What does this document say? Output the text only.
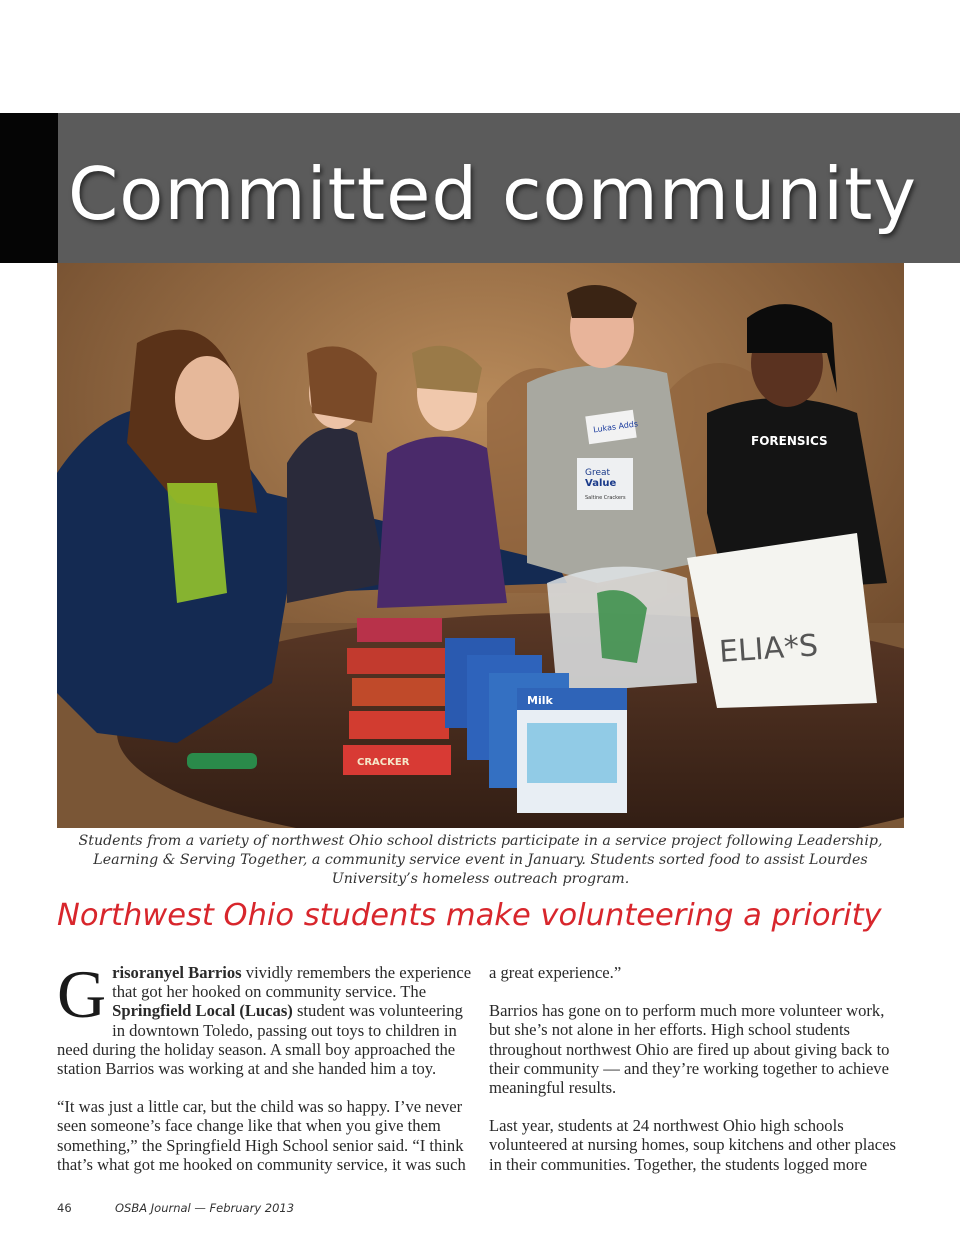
Committed community
Lukas Adds
Great
Value
Saltine Crackers
FORENSICS
ELIA*S
CRACKER
Milk

Students from a variety of northwest Ohio school districts participate in a service project following Leadership, Learning & Serving Together, a community service event in January. Students sorted food to assist Lourdes University’s homeless outreach program.

Northwest Ohio students make volunteering a priority

Grisoranyel Barrios vividly remembers the experience that got her hooked on community service. The Springfield Local (Lucas) student was volunteering in downtown Toledo, passing out toys to children in need during the holiday season. A small boy approached the station Barrios was working at and she handed him a toy.

“It was just a little car, but the child was so happy. I’ve never seen someone’s face change like that when you give them something,” the Springfield High School senior said. “I think that’s what got me hooked on community service, it was such

a great experience.”

Barrios has gone on to perform much more volunteer work, but she’s not alone in her efforts. High school students throughout northwest Ohio are fired up about giving back to their community — and they’re working together to achieve meaningful results.

Last year, students at 24 northwest Ohio high schools volunteered at nursing homes, soup kitchens and other places in their communities. Together, the students logged more

46	OSBA Journal — February 2013
